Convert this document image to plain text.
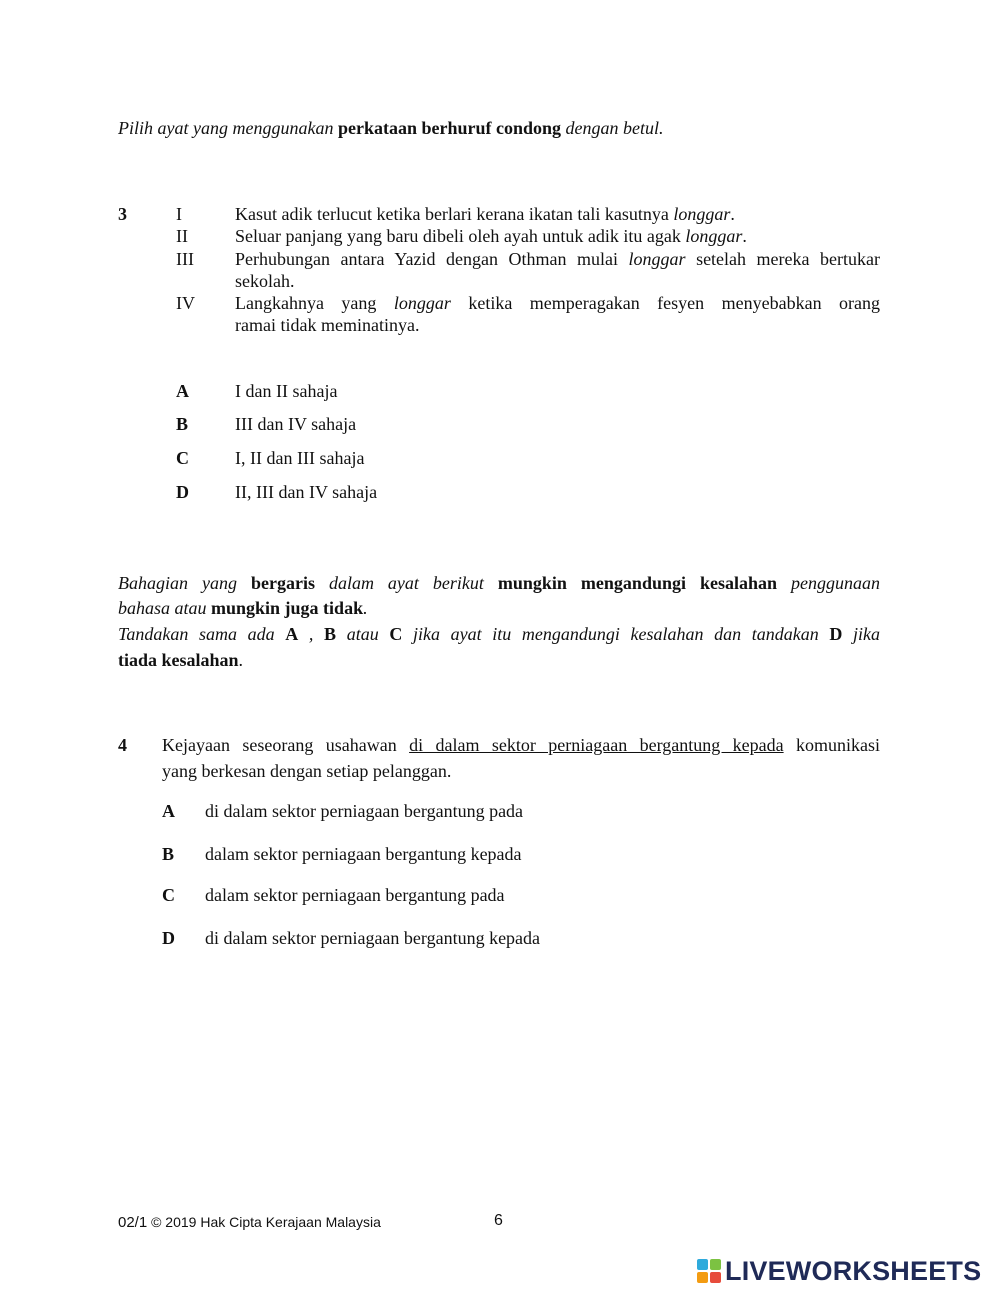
Pilih ayat yang menggunakan perkataan berhuruf condong dengan betul.
3	I	Kasut adik terlucut ketika berlari kerana ikatan tali kasutnya longgar.
II	Seluar panjang yang baru dibeli oleh ayah untuk adik itu agak longgar.
III Perhubungan antara Yazid dengan Othman mulai longgar setelah mereka bertukar
sekolah.
IV Langkahnya yang longgar ketika memperagakan fesyen menyebabkan orang
ramai tidak meminatinya.
A	I dan II sahaja
B	III dan IV sahaja
C	I, II dan III sahaja
D	II, III dan IV sahaja
Bahagian yang bergaris dalam ayat berikut mungkin mengandungi kesalahan penggunaan
bahasa atau mungkin juga tidak.
Tandakan sama ada A , B atau C jika ayat itu mengandungi kesalahan dan tandakan D jika
tiada kesalahan.
4 Kejayaan seseorang usahawan di dalam sektor perniagaan bergantung kepada komunikasi
yang berkesan dengan setiap pelanggan.
A di dalam sektor perniagaan bergantung pada
B dalam sektor perniagaan bergantung kepada
C dalam sektor perniagaan bergantung pada
D di dalam sektor perniagaan bergantung kepada
02/1 © 2019 Hak Cipta Kerajaan Malaysia	6
LIVEWORKSHEETS
